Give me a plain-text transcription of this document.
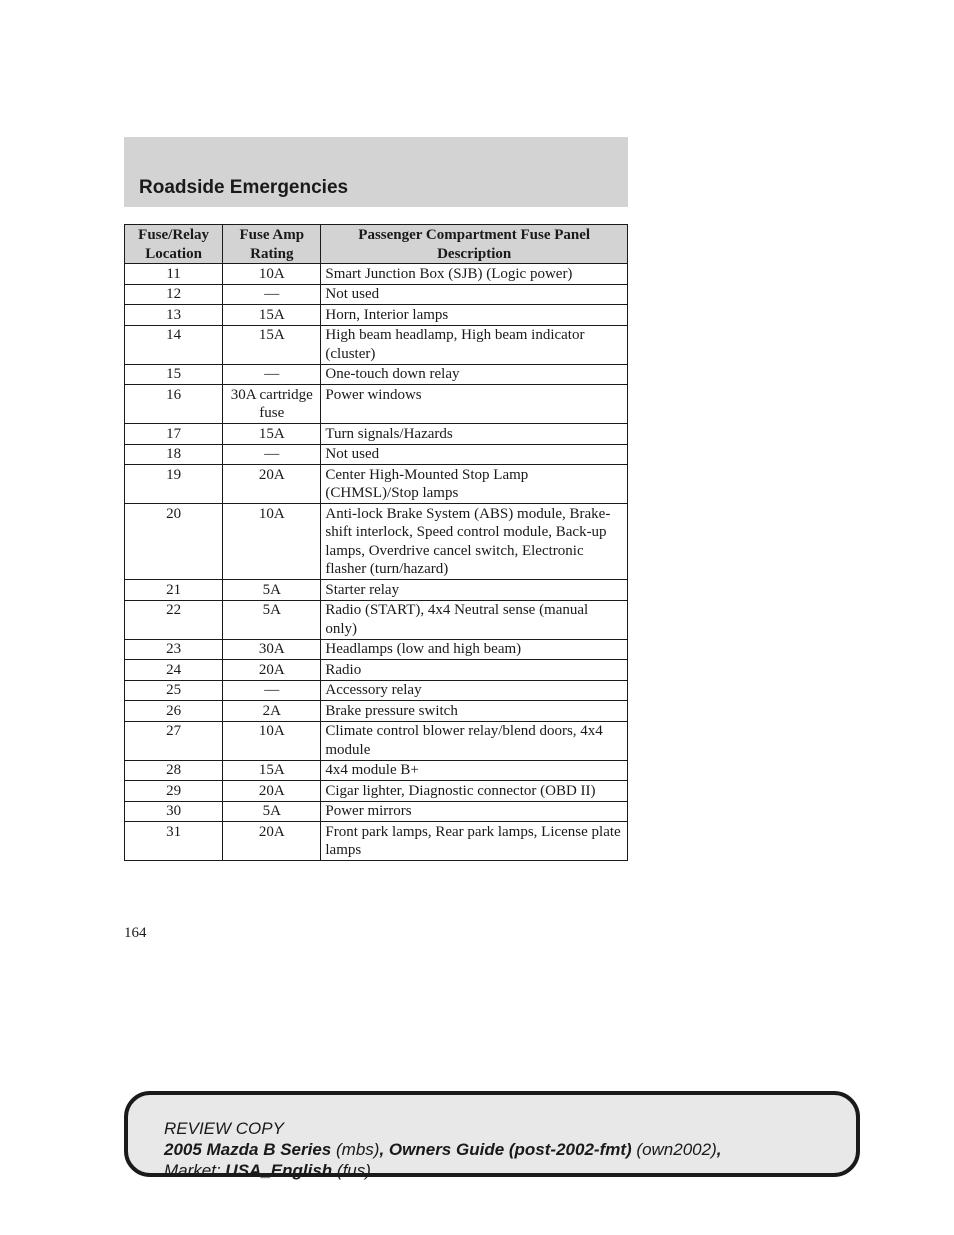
Roadside Emergencies
Fuse/Relay Location	Fuse Amp Rating	Passenger Compartment Fuse Panel Description
11	10A	Smart Junction Box (SJB) (Logic power)
12	—	Not used
13	15A	Horn, Interior lamps
14	15A	High beam headlamp, High beam indicator (cluster)
15	—	One-touch down relay
16	30A cartridge fuse	Power windows
17	15A	Turn signals/Hazards
18	—	Not used
19	20A	Center High-Mounted Stop Lamp (CHMSL)/Stop lamps
20	10A	Anti-lock Brake System (ABS) module, Brake-shift interlock, Speed control module, Back-up lamps, Overdrive cancel switch, Electronic flasher (turn/hazard)
21	5A	Starter relay
22	5A	Radio (START), 4x4 Neutral sense (manual only)
23	30A	Headlamps (low and high beam)
24	20A	Radio
25	—	Accessory relay
26	2A	Brake pressure switch
27	10A	Climate control blower relay/blend doors, 4x4 module
28	15A	4x4 module B+
29	20A	Cigar lighter, Diagnostic connector (OBD II)
30	5A	Power mirrors
31	20A	Front park lamps, Rear park lamps, License plate lamps
164
REVIEW COPY
2005 Mazda B Series (mbs), Owners Guide (post-2002-fmt) (own2002),
Market: USA_English (fus)
